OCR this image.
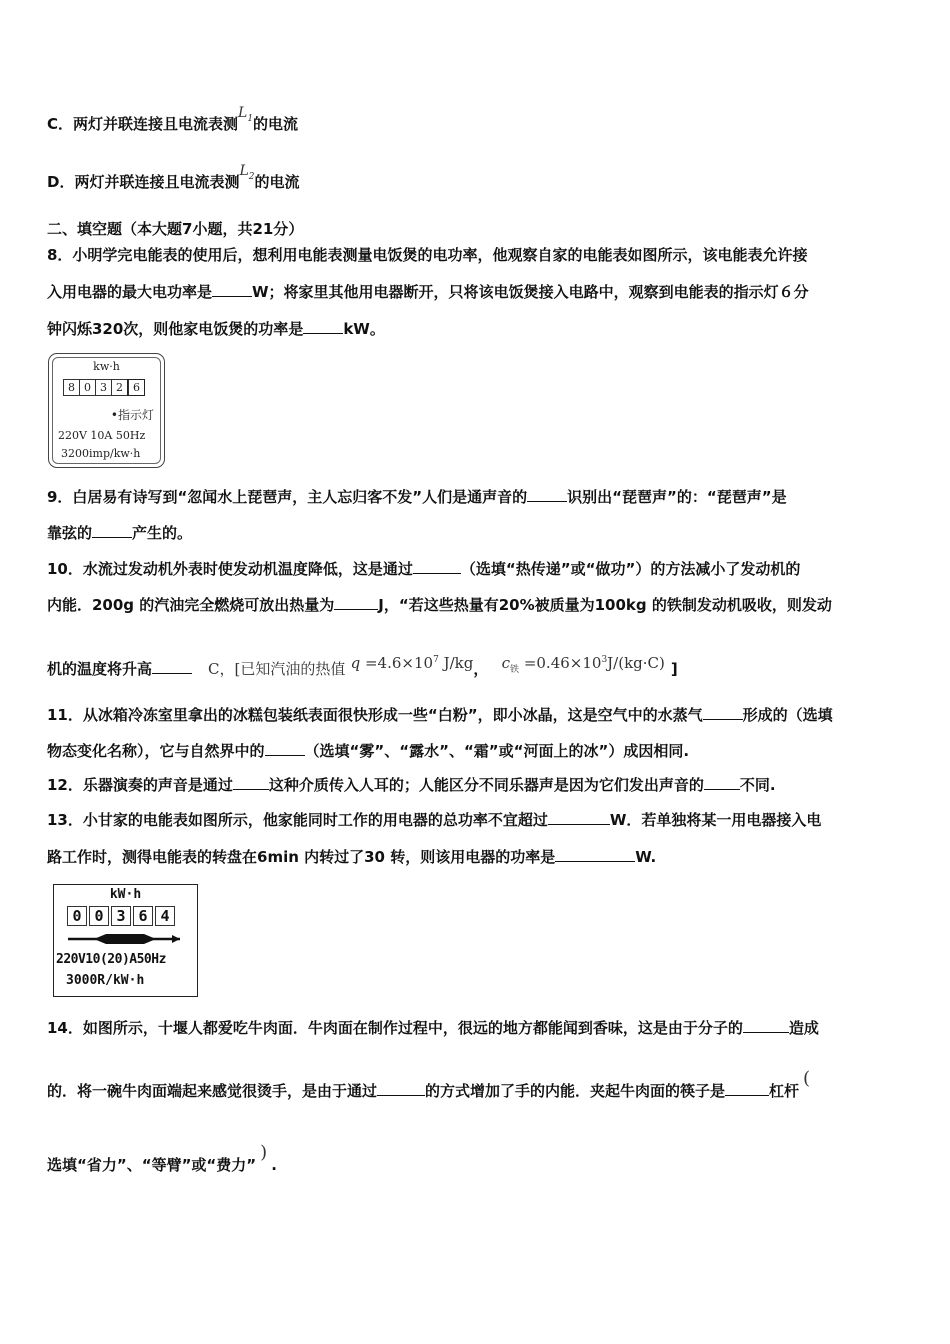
C．两灯并联连接且电流表测$L_1$的电流
D．两灯并联连接且电流表测$L_2$的电流
二、填空题（本大题7小题，共21分）
8．小明学完电能表的使用后，想利用电能表测量电饭煲的电功率，他观察自家的电能表如图所示，该电能表允许接
入用电器的最大电功率是	W；将家里其他用电器断开，只将该电饭煲接入电路中，观察到电能表的指示灯６分
钟闪烁320次，则他家电饭煲的功率是	kW。
kw·h
8 0 3 2 6
•指示灯
220V 10A 50Hz
3200imp/kw·h
9．白居易有诗写到“忽闻水上琵琶声，主人忘归客不发”人们是通声音的	识别出“琵琶声”的：“琵琶声”是
靠弦的	产生的。
10．水流过发动机外表时使发动机温度降低，这是通过	（选填“热传递”或“做功”）的方法减小了发动机的
内能．200g 的汽油完全燃烧可放出热量为	J，“若这些热量有20%被质量为100kg 的铁制发动机吸收，则发动
机的温度将升高	C，[已知汽油的热值 $q =4.6\times 10^7$ J/kg， $c_铁 =0.46\times 10^3J/(kg\cdot C)$ ]
11．从冰箱冷冻室里拿出的冰糕包装纸表面很快形成一些“白粉”，即小冰晶，这是空气中的水蒸气	形成的（选填
物态变化名称），它与自然界中的	（选填“雾”、“露水”、“霜”或“河面上的冰”）成因相同.
12．乐器演奏的声音是通过 这种介质传入人耳的；人能区分不同乐器声是因为它们发出声音的 不同.
13．小甘家的电能表如图所示，他家能同时工作的用电器的总功率不宜超过	W．若单独将某一用电器接入电
路工作时，测得电能表的转盘在6min 内转过了30 转，则该用电器的功率是	W.
kW·h
0 0 3 6 4
220V10(20)A50Hz
3000R/kW·h
14．如图所示，十堰人都爱吃牛肉面．牛肉面在制作过程中，很远的地方都能闻到香味，这是由于分子的	造成
的．将一碗牛肉面端起来感觉很烫手，是由于通过	的方式增加了手的内能．夹起牛肉面的筷子是	杠杆(
选填“省力”、“等臂”或“费力”).
